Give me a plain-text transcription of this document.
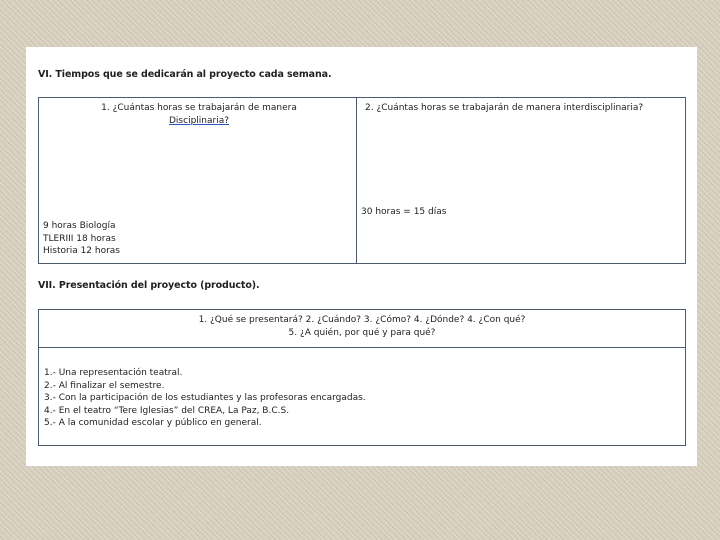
VI. Tiempos que se dedicarán al proyecto cada semana.
1. ¿Cuántas horas se trabajarán de manera
Disciplinaria?
2. ¿Cuántas horas se trabajarán de manera interdisciplinaria?
9 horas Biología
TLERIII 18 horas
Historia 12 horas
30 horas = 15 días
VII. Presentación del proyecto (producto).
1. ¿Qué se presentará? 2. ¿Cuándo? 3. ¿Cómo? 4. ¿Dónde? 4. ¿Con qué?
5. ¿A quién, por qué y para qué?
1.- Una representación teatral.
2.- Al finalizar el semestre.
3.- Con la participación de los estudiantes y las profesoras encargadas.
4.- En el teatro “Tere Iglesias” del CREA, La Paz, B.C.S.
5.- A la comunidad escolar y público en general.
